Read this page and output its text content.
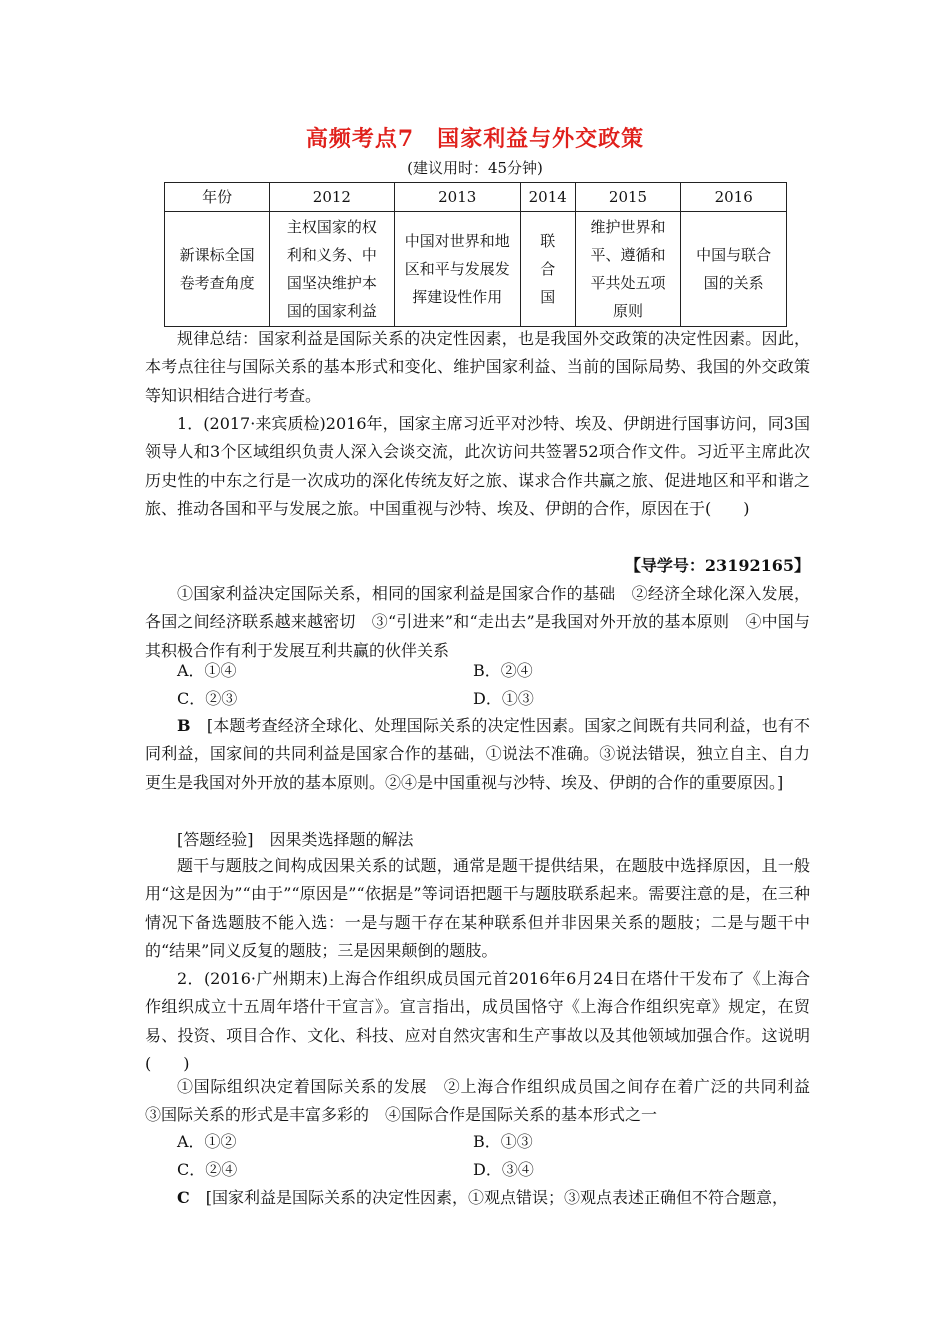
高频考点7　国家利益与外交政策
(建议用时：45分钟)
年份	2012	2013	2014	2015	2016
新课标全国卷考查角度	主权国家的权利和义务、中国坚决维护本国的国家利益	中国对世界和地区和平与发展发挥建设性作用	联合国	维护世界和平、遵循和平共处五项原则	中国与联合国的关系

规律总结：国家利益是国际关系的决定性因素，也是我国外交政策的决定性因素。因此，本考点往往与国际关系的基本形式和变化、维护国家利益、当前的国际局势、我国的外交政策等知识相结合进行考查。

1．(2017·来宾质检)2016年，国家主席习近平对沙特、埃及、伊朗进行国事访问，同3国领导人和3个区域组织负责人深入会谈交流，此次访问共签署52项合作文件。习近平主席此次历史性的中东之行是一次成功的深化传统友好之旅、谋求合作共赢之旅、促进地区和平和谐之旅、推动各国和平与发展之旅。中国重视与沙特、埃及、伊朗的合作，原因在于(　　)

【导学号：23192165】

①国家利益决定国际关系，相同的国家利益是国家合作的基础　②经济全球化深入发展，各国之间经济联系越来越密切　③“引进来”和“走出去”是我国对外开放的基本原则　④中国与其积极合作有利于发展互利共赢的伙伴关系

A．①④	B．②④
C．②③	D．①③

B　 [本题考查经济全球化、处理国际关系的决定性因素。国家之间既有共同利益，也有不同利益，国家间的共同利益是国家合作的基础，①说法不准确。③说法错误，独立自主、自力更生是我国对外开放的基本原则。②④是中国重视与沙特、埃及、伊朗的合作的重要原因。]

[答题经验]　因果类选择题的解法

题干与题肢之间构成因果关系的试题，通常是题干提供结果，在题肢中选择原因，且一般用“这是因为”“由于”“原因是”“依据是”等词语把题干与题肢联系起来。需要注意的是，在三种情况下备选题肢不能入选：一是与题干存在某种联系但并非因果关系的题肢；二是与题干中的“结果”同义反复的题肢；三是因果颠倒的题肢。

2．(2016·广州期末)上海合作组织成员国元首2016年6月24日在塔什干发布了《上海合作组织成立十五周年塔什干宣言》。宣言指出，成员国恪守《上海合作组织宪章》规定，在贸易、投资、项目合作、文化、科技、应对自然灾害和生产事故以及其他领域加强合作。这说明(　　)

①国际组织决定着国际关系的发展　②上海合作组织成员国之间存在着广泛的共同利益　③国际关系的形式是丰富多彩的　④国际合作是国际关系的基本形式之一

A．①②	B．①③
C．②④	D．③④

C　 [国家利益是国际关系的决定性因素，①观点错误；③观点表述正确但不符合题意，
